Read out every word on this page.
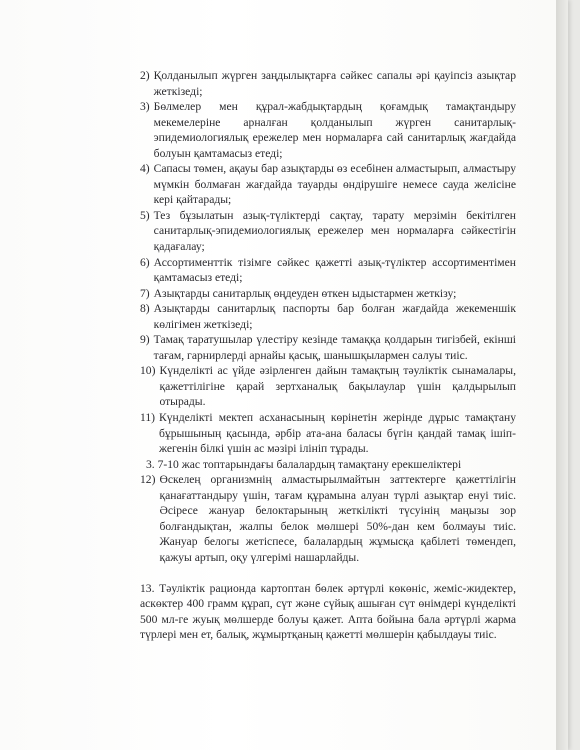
2) Қолданылып жүрген заңдылықтарға сәйкес сапалы әрі қауіпсіз азықтар жеткізеді;
3) Бөлмелер мен құрал-жабдықтардың қоғамдық тамақтандыру мекемелеріне арналған қолданылып жүрген санитарлық-эпидемиологиялық ережелер мен нормаларға сай санитарлық жағдайда болуын қамтамасыз етеді;
4) Сапасы төмен, ақауы бар азықтарды өз есебінен алмастырып, алмастыру мүмкін болмаған жағдайда тауарды өндірушіге немесе сауда желісіне кері қайтарады;
5) Тез бұзылатын азық-түліктерді сақтау, тарату мерзімін бекітілген санитарлық-эпидемиологиялық ережелер мен нормаларға сәйкестігін қадағалау;
6) Ассортименттік тізімге сәйкес қажетті азық-түліктер ассортиментімен қамтамасыз етеді;
7) Азықтарды санитарлық өңдеуден өткен ыдыстармен жеткізу;
8) Азықтарды санитарлық паспорты бар болған жағдайда жекеменшік көлігімен жеткізеді;
9) Тамақ таратушылар үлестіру кезінде тамаққа қолдарын тигізбей, екінші тағам, гарнирлерді арнайы қасық, шанышқылармен салуы тиіс.
10) Күнделікті ас үйде әзірленген дайын тамақтың тәуліктік сынамалары, қажеттілігіне қарай зертханалық бақылаулар үшін қалдырылып отырады.
11) Күнделікті мектеп асханасының көрінетін жерінде дұрыс тамақтану бұрышының қасында, әрбір ата-ана баласы бүгін қандай тамақ ішіп-жегенін білкі үшін ас мәзірі ілініп тұрады.
3. 7-10 жас топтарындағы балалардың тамақтану ерекшеліктері
12) Өскелең организмнің алмастырылмайтын заттектерге қажеттілігін қанағаттандыру үшін, тағам құрамына алуан түрлі азықтар енуі тиіс. Әсіресе жануар белоктарының жеткіліктi түсуінің маңызы зор болғандықтан, жалпы белок мөлшері 50%-дан кем болмауы тиіс. Жануар белогы жетіспесе, балалардың жұмысқа қабілеті төмендеп, қажуы артып, оқу үлгерімі нашарлайды.
13. Тәуліктік рационда картоптан бөлек әртүрлі көкөніс, жеміс-жидектер, аскөктер 400 грамм құрап, сүт және сүйық ашыған сүт өнімдері күнделікті 500 мл-ге жуық мөлшерде болуы қажет. Апта бойына бала әртүрлі жарма түрлері мен ет, балық, жұмыртқаның қажетті мөлшерін қабылдауы тиіс.
